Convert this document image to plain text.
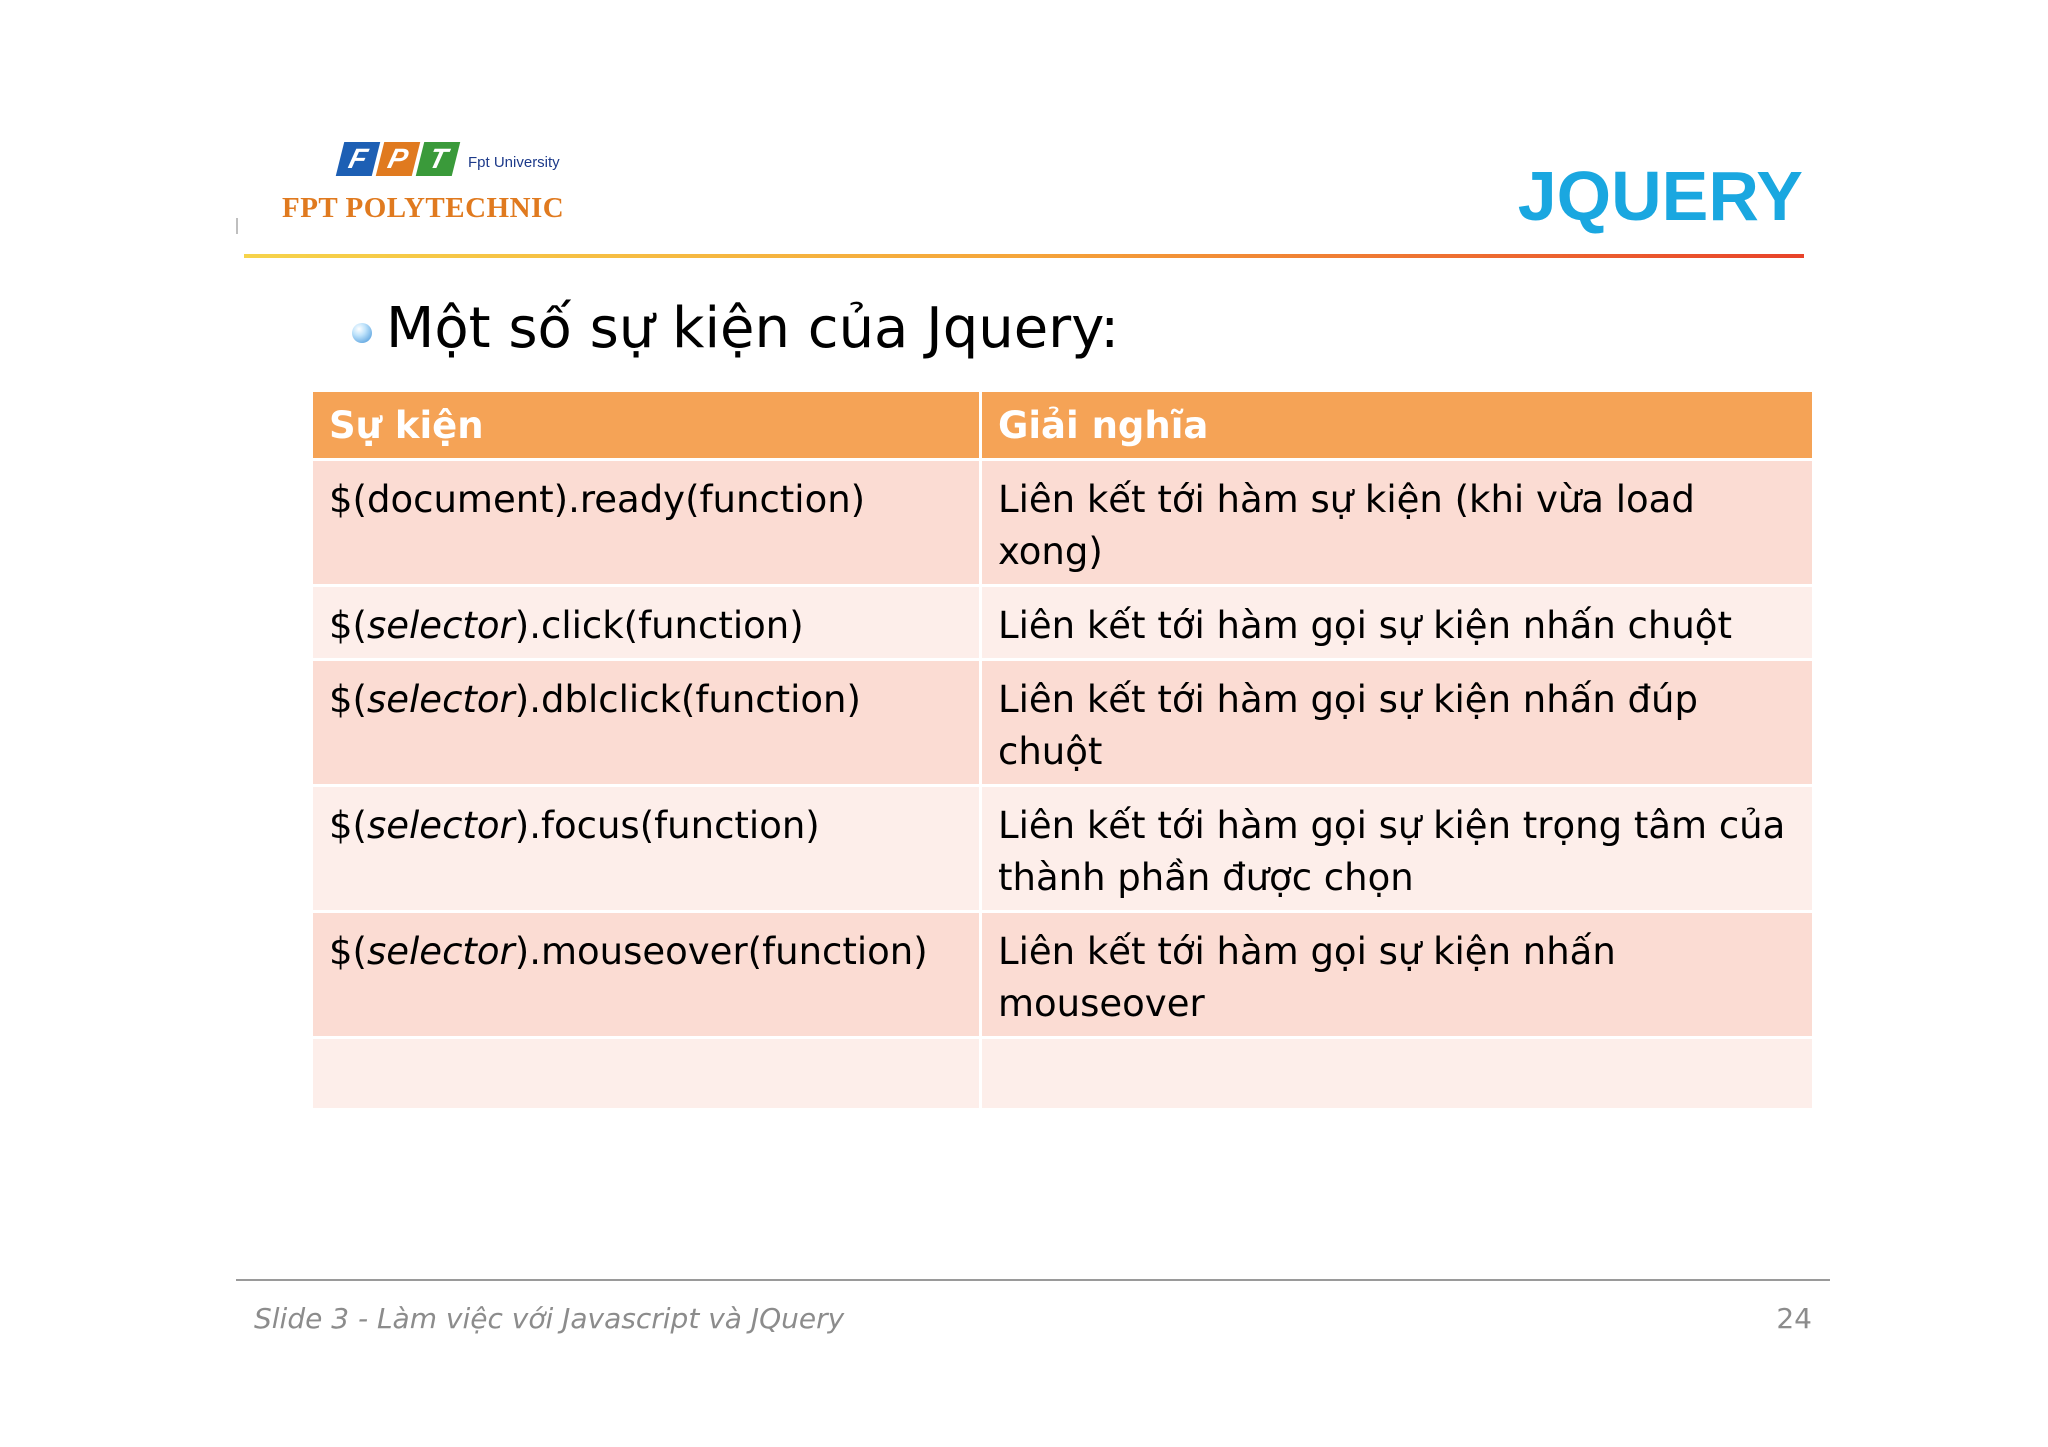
F P T	Fpt University
FPT POLYTECHNIC	JQUERY
Một số sự kiện của Jquery:
Sự kiện	Giải nghĩa
$(document).ready(function)	Liên kết tới hàm sự kiện (khi vừa load xong)
$(selector).click(function)	Liên kết tới hàm gọi sự kiện nhấn chuột
$(selector).dblclick(function)	Liên kết tới hàm gọi sự kiện nhấn đúp chuột
$(selector).focus(function)	Liên kết tới hàm gọi sự kiện trọng tâm của thành phần được chọn
$(selector).mouseover(function)	Liên kết tới hàm gọi sự kiện nhấn mouseover

Slide 3 - Làm việc với Javascript và JQuery	24
